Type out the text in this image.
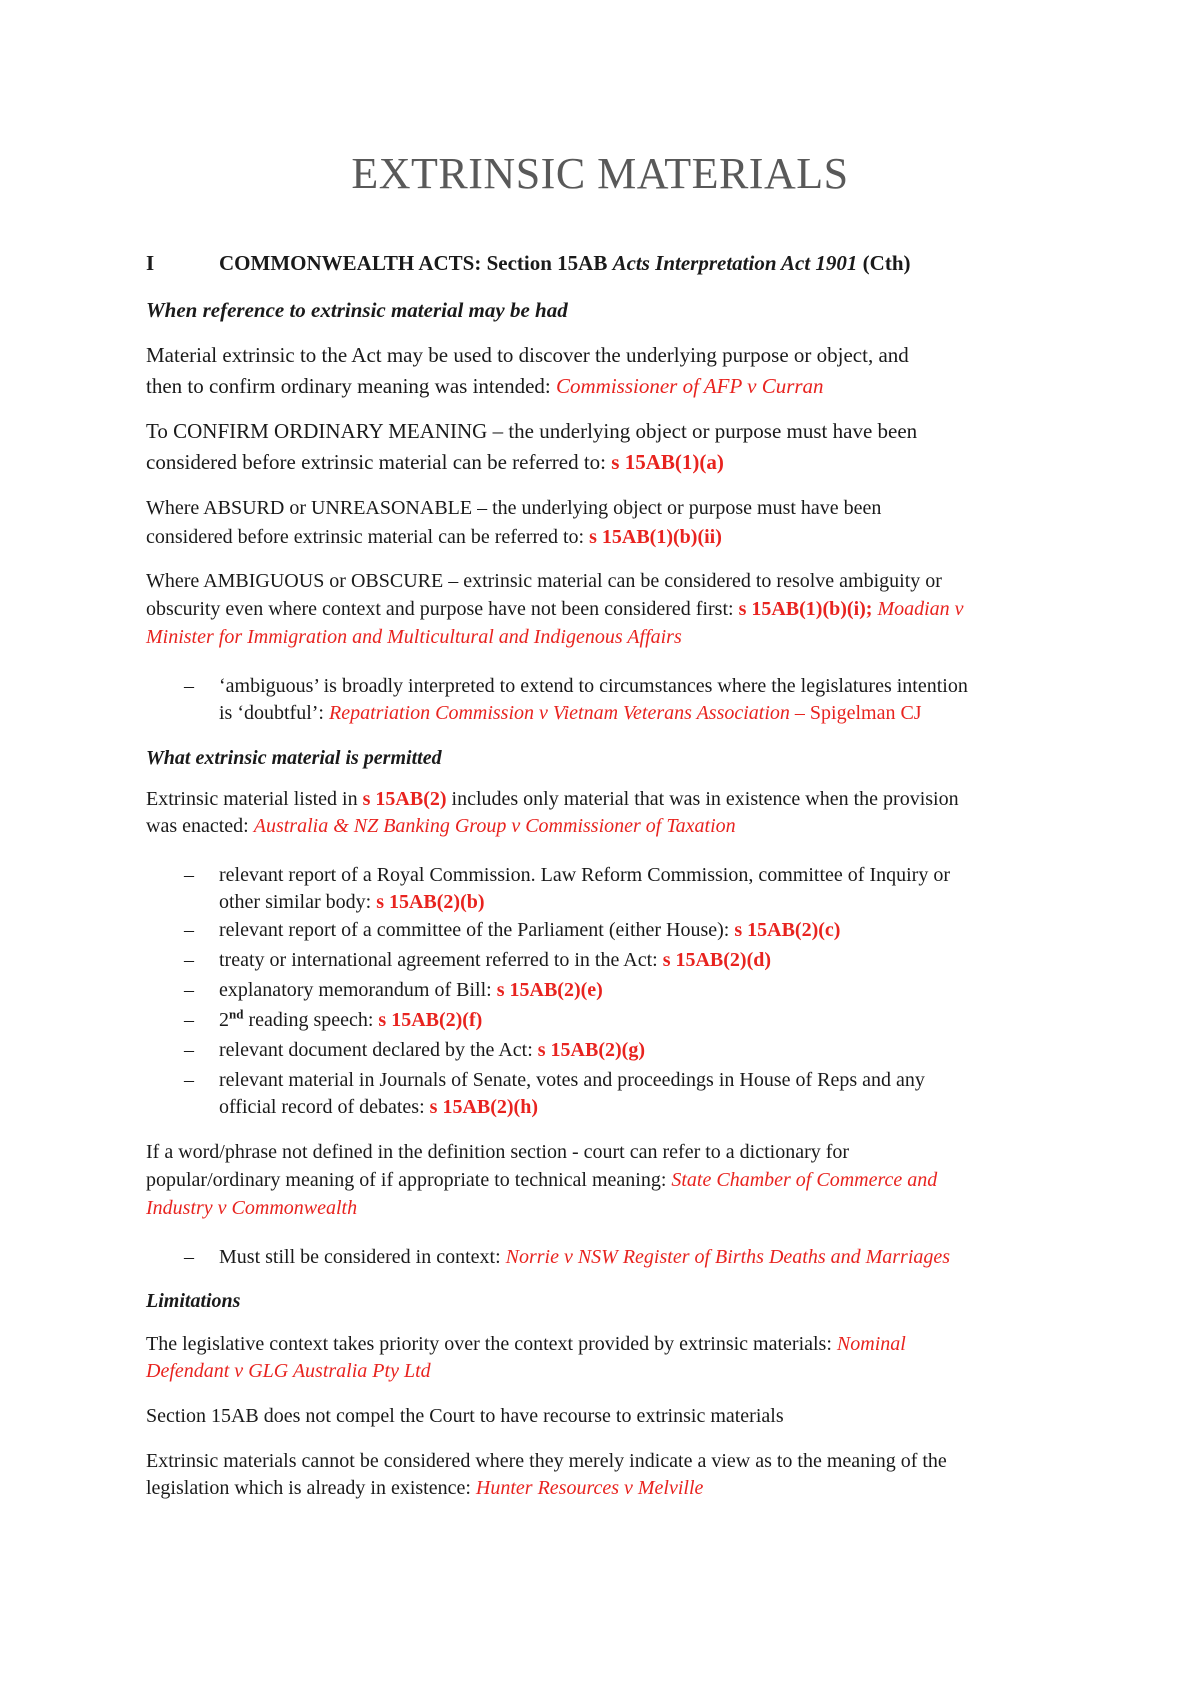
EXTRINSIC MATERIALS
I	COMMONWEALTH ACTS: Section 15AB Acts Interpretation Act 1901 (Cth)
When reference to extrinsic material may be had
Material extrinsic to the Act may be used to discover the underlying purpose or object, and
then to confirm ordinary meaning was intended: Commissioner of AFP v Curran
To CONFIRM ORDINARY MEANING – the underlying object or purpose must have been
considered before extrinsic material can be referred to: s 15AB(1)(a)
Where ABSURD or UNREASONABLE – the underlying object or purpose must have been
considered before extrinsic material can be referred to: s 15AB(1)(b)(ii)
Where AMBIGUOUS or OBSCURE – extrinsic material can be considered to resolve ambiguity or
obscurity even where context and purpose have not been considered first: s 15AB(1)(b)(i); Moadian v
Minister for Immigration and Multicultural and Indigenous Affairs
– ‘ambiguous’ is broadly interpreted to extend to circumstances where the legislatures intention
is ‘doubtful’: Repatriation Commission v Vietnam Veterans Association – Spigelman CJ
What extrinsic material is permitted
Extrinsic material listed in s 15AB(2) includes only material that was in existence when the provision
was enacted: Australia & NZ Banking Group v Commissioner of Taxation
– relevant report of a Royal Commission. Law Reform Commission, committee of Inquiry or
other similar body: s 15AB(2)(b)
– relevant report of a committee of the Parliament (either House): s 15AB(2)(c)
– treaty or international agreement referred to in the Act: s 15AB(2)(d)
– explanatory memorandum of Bill: s 15AB(2)(e)
– 2nd reading speech: s 15AB(2)(f)
– relevant document declared by the Act: s 15AB(2)(g)
– relevant material in Journals of Senate, votes and proceedings in House of Reps and any
official record of debates: s 15AB(2)(h)
If a word/phrase not defined in the definition section - court can refer to a dictionary for
popular/ordinary meaning of if appropriate to technical meaning: State Chamber of Commerce and
Industry v Commonwealth
– Must still be considered in context: Norrie v NSW Register of Births Deaths and Marriages
Limitations
The legislative context takes priority over the context provided by extrinsic materials: Nominal
Defendant v GLG Australia Pty Ltd
Section 15AB does not compel the Court to have recourse to extrinsic materials
Extrinsic materials cannot be considered where they merely indicate a view as to the meaning of the
legislation which is already in existence: Hunter Resources v Melville
